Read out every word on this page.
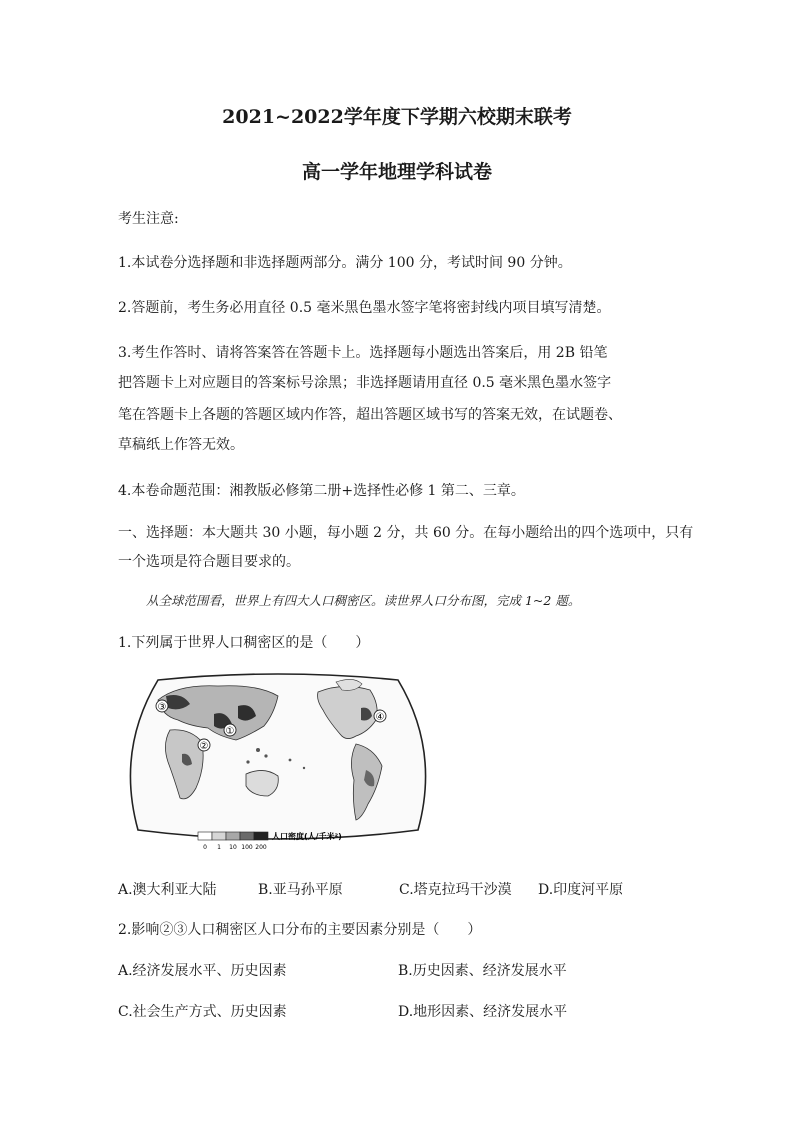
2021~2022学年度下学期六校期末联考
高一学年地理学科试卷
考生注意:
1.本试卷分选择题和非选择题两部分。满分 100 分，考试时间 90 分钟。
2.答题前，考生务必用直径 0.5 毫米黑色墨水签字笔将密封线内项目填写清楚。
3.考生作答时、请将答案答在答题卡上。选择题每小题选出答案后，用 2B 铅笔
把答题卡上对应题目的答案标号涂黑；非选择题请用直径 0.5 毫米黑色墨水签字
笔在答题卡上各题的答题区域内作答，超出答题区域书写的答案无效，在试题卷、
草稿纸上作答无效。
4.本卷命题范围：湘教版必修第二册+选择性必修 1 第二、三章。
一、选择题：本大题共 30 小题，每小题 2 分，共 60 分。在每小题给出的四个选项中，只有
一个选项是符合题目要求的。
从全球范围看，世界上有四大人口稠密区。读世界人口分布图，完成 1~2 题。
1.下列属于世界人口稠密区的是（　　）
③
②
①
④
人口密度(人/千米²)
0 1 10 100 200
A.澳大利亚大陆	B.亚马孙平原	C.塔克拉玛干沙漠 D.印度河平原
2.影响②③人口稠密区人口分布的主要因素分别是（　　）
A.经济发展水平、历史因素	B.历史因素、经济发展水平
C.社会生产方式、历史因素	D.地形因素、经济发展水平
